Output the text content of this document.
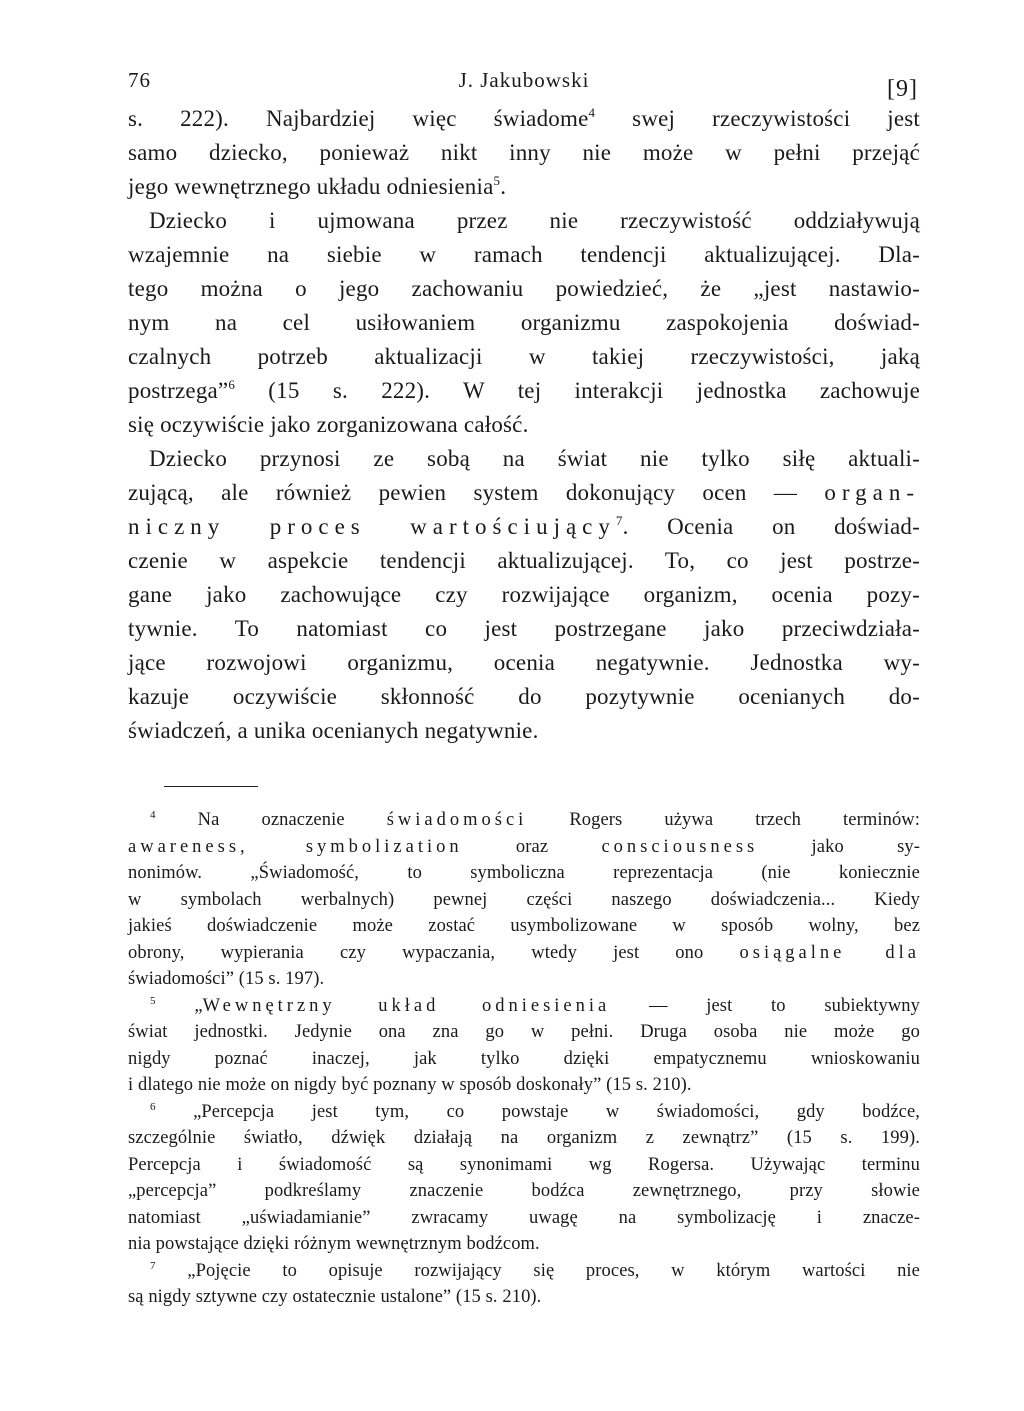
76	J. Jakubowski	[9]
s. 222). Najbardziej więc świadome$^4$ swej rzeczywistości jest
samo dziecko, ponieważ nikt inny nie może w pełni przejąć
jego wewnętrznego układu odniesienia$^5$.
Dziecko i ujmowana przez nie rzeczywistość oddziaływują
wzajemnie na siebie w ramach tendencji aktualizującej. Dla-
tego można o jego zachowaniu powiedzieć, że „jest nastawio-
nym na cel usiłowaniem organizmu zaspokojenia doświad-
czalnych potrzeb aktualizacji w takiej rzeczywistości, jaką
postrzega”$^6$ (15 s. 222). W tej interakcji jednostka zachowuje
się oczywiście jako zorganizowana całość.
Dziecko przynosi ze sobą na świat nie tylko siłę aktuali-
zującą, ale również pewien system dokonujący ocen — organ-
niczny proces wartościujący$^7$. Ocenia on doświad-
czenie w aspekcie tendencji aktualizującej. To, co jest postrze-
gane jako zachowujące czy rozwijające organizm, ocenia pozy-
tywnie. To natomiast co jest postrzegane jako przeciwdziała-
jące rozwojowi organizmu, ocenia negatywnie. Jednostka wy-
kazuje oczywiście skłonność do pozytywnie ocenianych do-
świadczeń, a unika ocenianych negatywnie.
$^4$ Na oznaczenie świadomości Rogers używa trzech terminów:
awareness, symbolization oraz consciousness jako sy-
nonimów. „Świadomość, to symboliczna reprezentacja (nie koniecznie
w symbolach werbalnych) pewnej części naszego doświadczenia... Kiedy
jakieś doświadczenie może zostać usymbolizowane w sposób wolny, bez
obrony, wypierania czy wypaczania, wtedy jest ono osiągalne dla
świadomości” (15 s. 197).
$^5$ „Wewnętrzny układ odniesienia — jest to subiektywny
świat jednostki. Jedynie ona zna go w pełni. Druga osoba nie może go
nigdy poznać inaczej, jak tylko dzięki empatycznemu wnioskowaniu
i dlatego nie może on nigdy być poznany w sposób doskonały” (15 s. 210).
$^6$ „Percepcja jest tym, co powstaje w świadomości, gdy bodźce,
szczególnie światło, dźwięk działają na organizm z zewnątrz” (15 s. 199).
Percepcja i świadomość są synonimami wg Rogersa. Używając terminu
„percepcja” podkreślamy znaczenie bodźca zewnętrznego, przy słowie
natomiast „uświadamianie” zwracamy uwagę na symbolizację i znacze-
nia powstające dzięki różnym wewnętrznym bodźcom.
$^7$ „Pojęcie to opisuje rozwijający się proces, w którym wartości nie
są nigdy sztywne czy ostatecznie ustalone” (15 s. 210).
